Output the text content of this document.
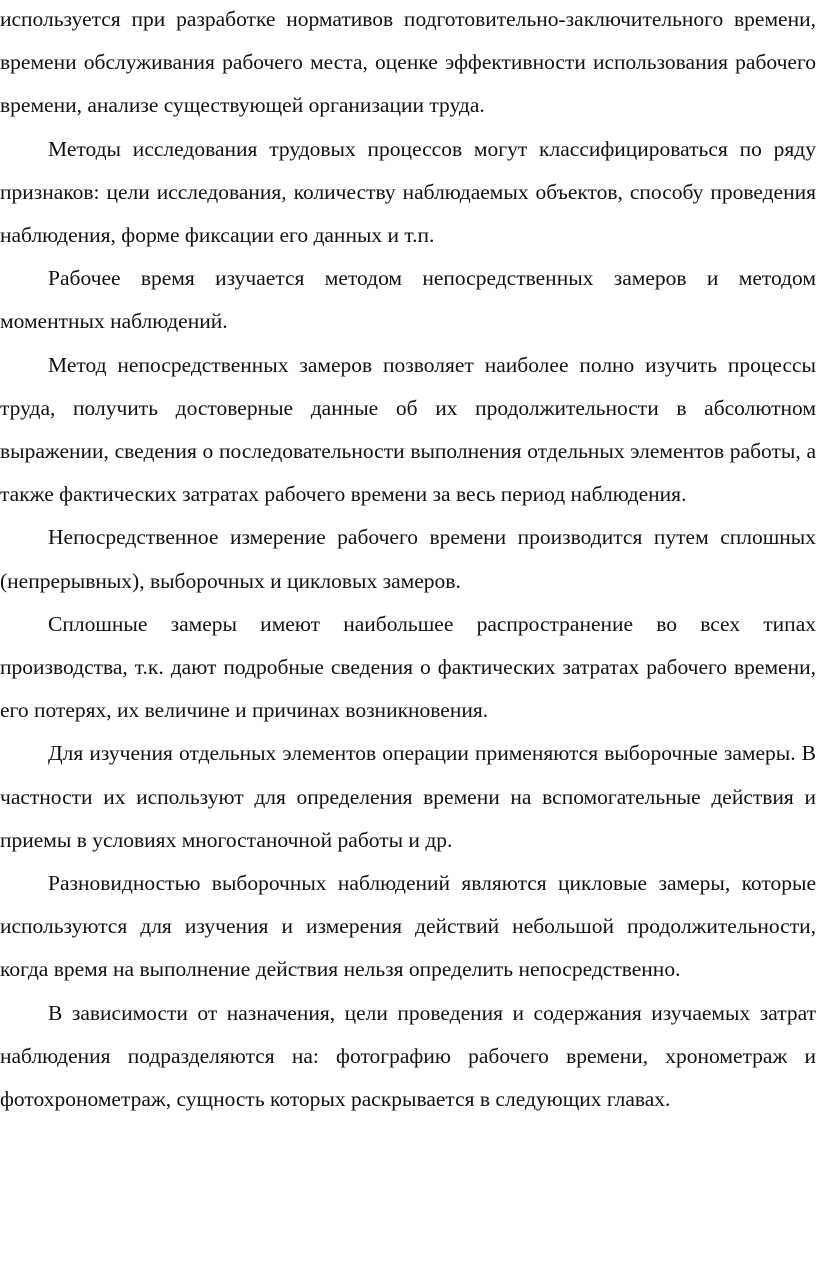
используется при разработке нормативов подготовительно-заключительного времени, времени обслуживания рабочего места, оценке эффективности использования рабочего времени, анализе существующей организации труда.

Методы исследования трудовых процессов могут классифицироваться по ряду признаков: цели исследования, количеству наблюдаемых объектов, способу проведения наблюдения, форме фиксации его данных и т.п.

Рабочее время изучается методом непосредственных замеров и методом моментных наблюдений.

Метод непосредственных замеров позволяет наиболее полно изучить процессы труда, получить достоверные данные об их продолжительности в абсолютном выражении, сведения о последовательности выполнения отдельных элементов работы, а также фактических затратах рабочего времени за весь период наблюдения.

Непосредственное измерение рабочего времени производится путем сплошных (непрерывных), выборочных и цикловых замеров.

Сплошные замеры имеют наибольшее распространение во всех типах производства, т.к. дают подробные сведения о фактических затратах рабочего времени, его потерях, их величине и причинах возникновения.

Для изучения отдельных элементов операции применяются выборочные замеры. В частности их используют для определения времени на вспомогательные действия и приемы в условиях многостаночной работы и др.

Разновидностью выборочных наблюдений являются цикловые замеры, которые используются для изучения и измерения действий небольшой продолжительности, когда время на выполнение действия нельзя определить непосредственно.

В зависимости от назначения, цели проведения и содержания изучаемых затрат наблюдения подразделяются на: фотографию рабочего времени, хронометраж и фотохронометраж, сущность которых раскрывается в следующих главах.
